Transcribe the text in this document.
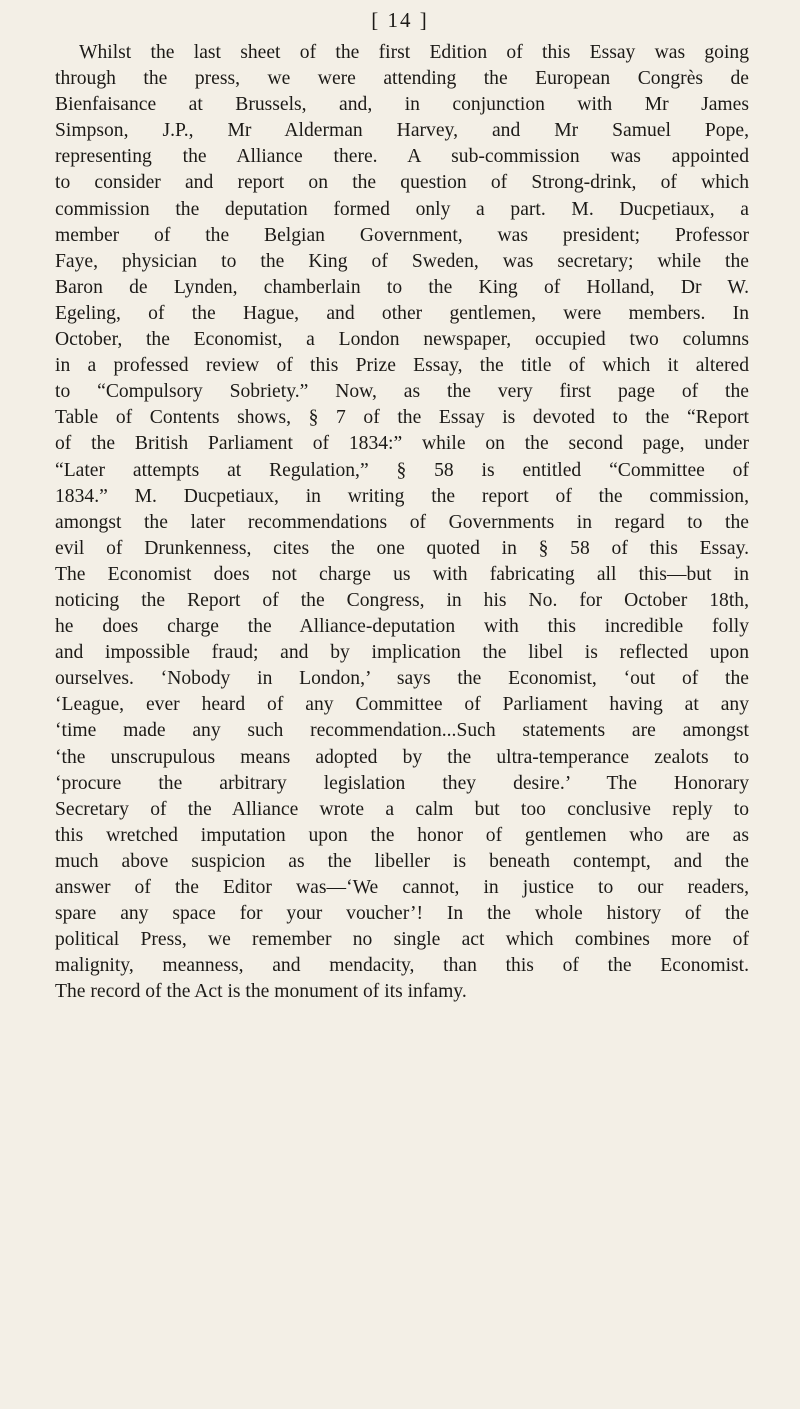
[ 14 ]
Whilst the last sheet of the first Edition of this Essay was going
through the press, we were attending the European Congrès de
Bienfaisance at Brussels, and, in conjunction with Mr James
Simpson, J.P., Mr Alderman Harvey, and Mr Samuel Pope,
representing the Alliance there. A sub-commission was appointed
to consider and report on the question of Strong-drink, of which
commission the deputation formed only a part. M. Ducpetiaux, a
member of the Belgian Government, was president; Professor
Faye, physician to the King of Sweden, was secretary; while the
Baron de Lynden, chamberlain to the King of Holland, Dr W.
Egeling, of the Hague, and other gentlemen, were members. In
October, the Economist, a London newspaper, occupied two columns
in a professed review of this Prize Essay, the title of which it altered
to “Compulsory Sobriety.” Now, as the very first page of the
Table of Contents shows, § 7 of the Essay is devoted to the “Report
of the British Parliament of 1834:” while on the second page, under
“Later attempts at Regulation,” § 58 is entitled “Committee of
1834.” M. Ducpetiaux, in writing the report of the commission,
amongst the later recommendations of Governments in regard to the
evil of Drunkenness, cites the one quoted in § 58 of this Essay.
The Economist does not charge us with fabricating all this—but in
noticing the Report of the Congress, in his No. for October 18th,
he does charge the Alliance-deputation with this incredible folly
and impossible fraud; and by implication the libel is reflected upon
ourselves. ‘Nobody in London,’ says the Economist, ‘out of the
‘League, ever heard of any Committee of Parliament having at any
‘time made any such recommendation...Such statements are amongst
‘the unscrupulous means adopted by the ultra-temperance zealots to
‘procure the arbitrary legislation they desire.’ The Honorary
Secretary of the Alliance wrote a calm but too conclusive reply to
this wretched imputation upon the honor of gentlemen who are as
much above suspicion as the libeller is beneath contempt, and the
answer of the Editor was—‘We cannot, in justice to our readers,
spare any space for your voucher’! In the whole history of the
political Press, we remember no single act which combines more of
malignity, meanness, and mendacity, than this of the Economist.
The record of the Act is the monument of its infamy.
